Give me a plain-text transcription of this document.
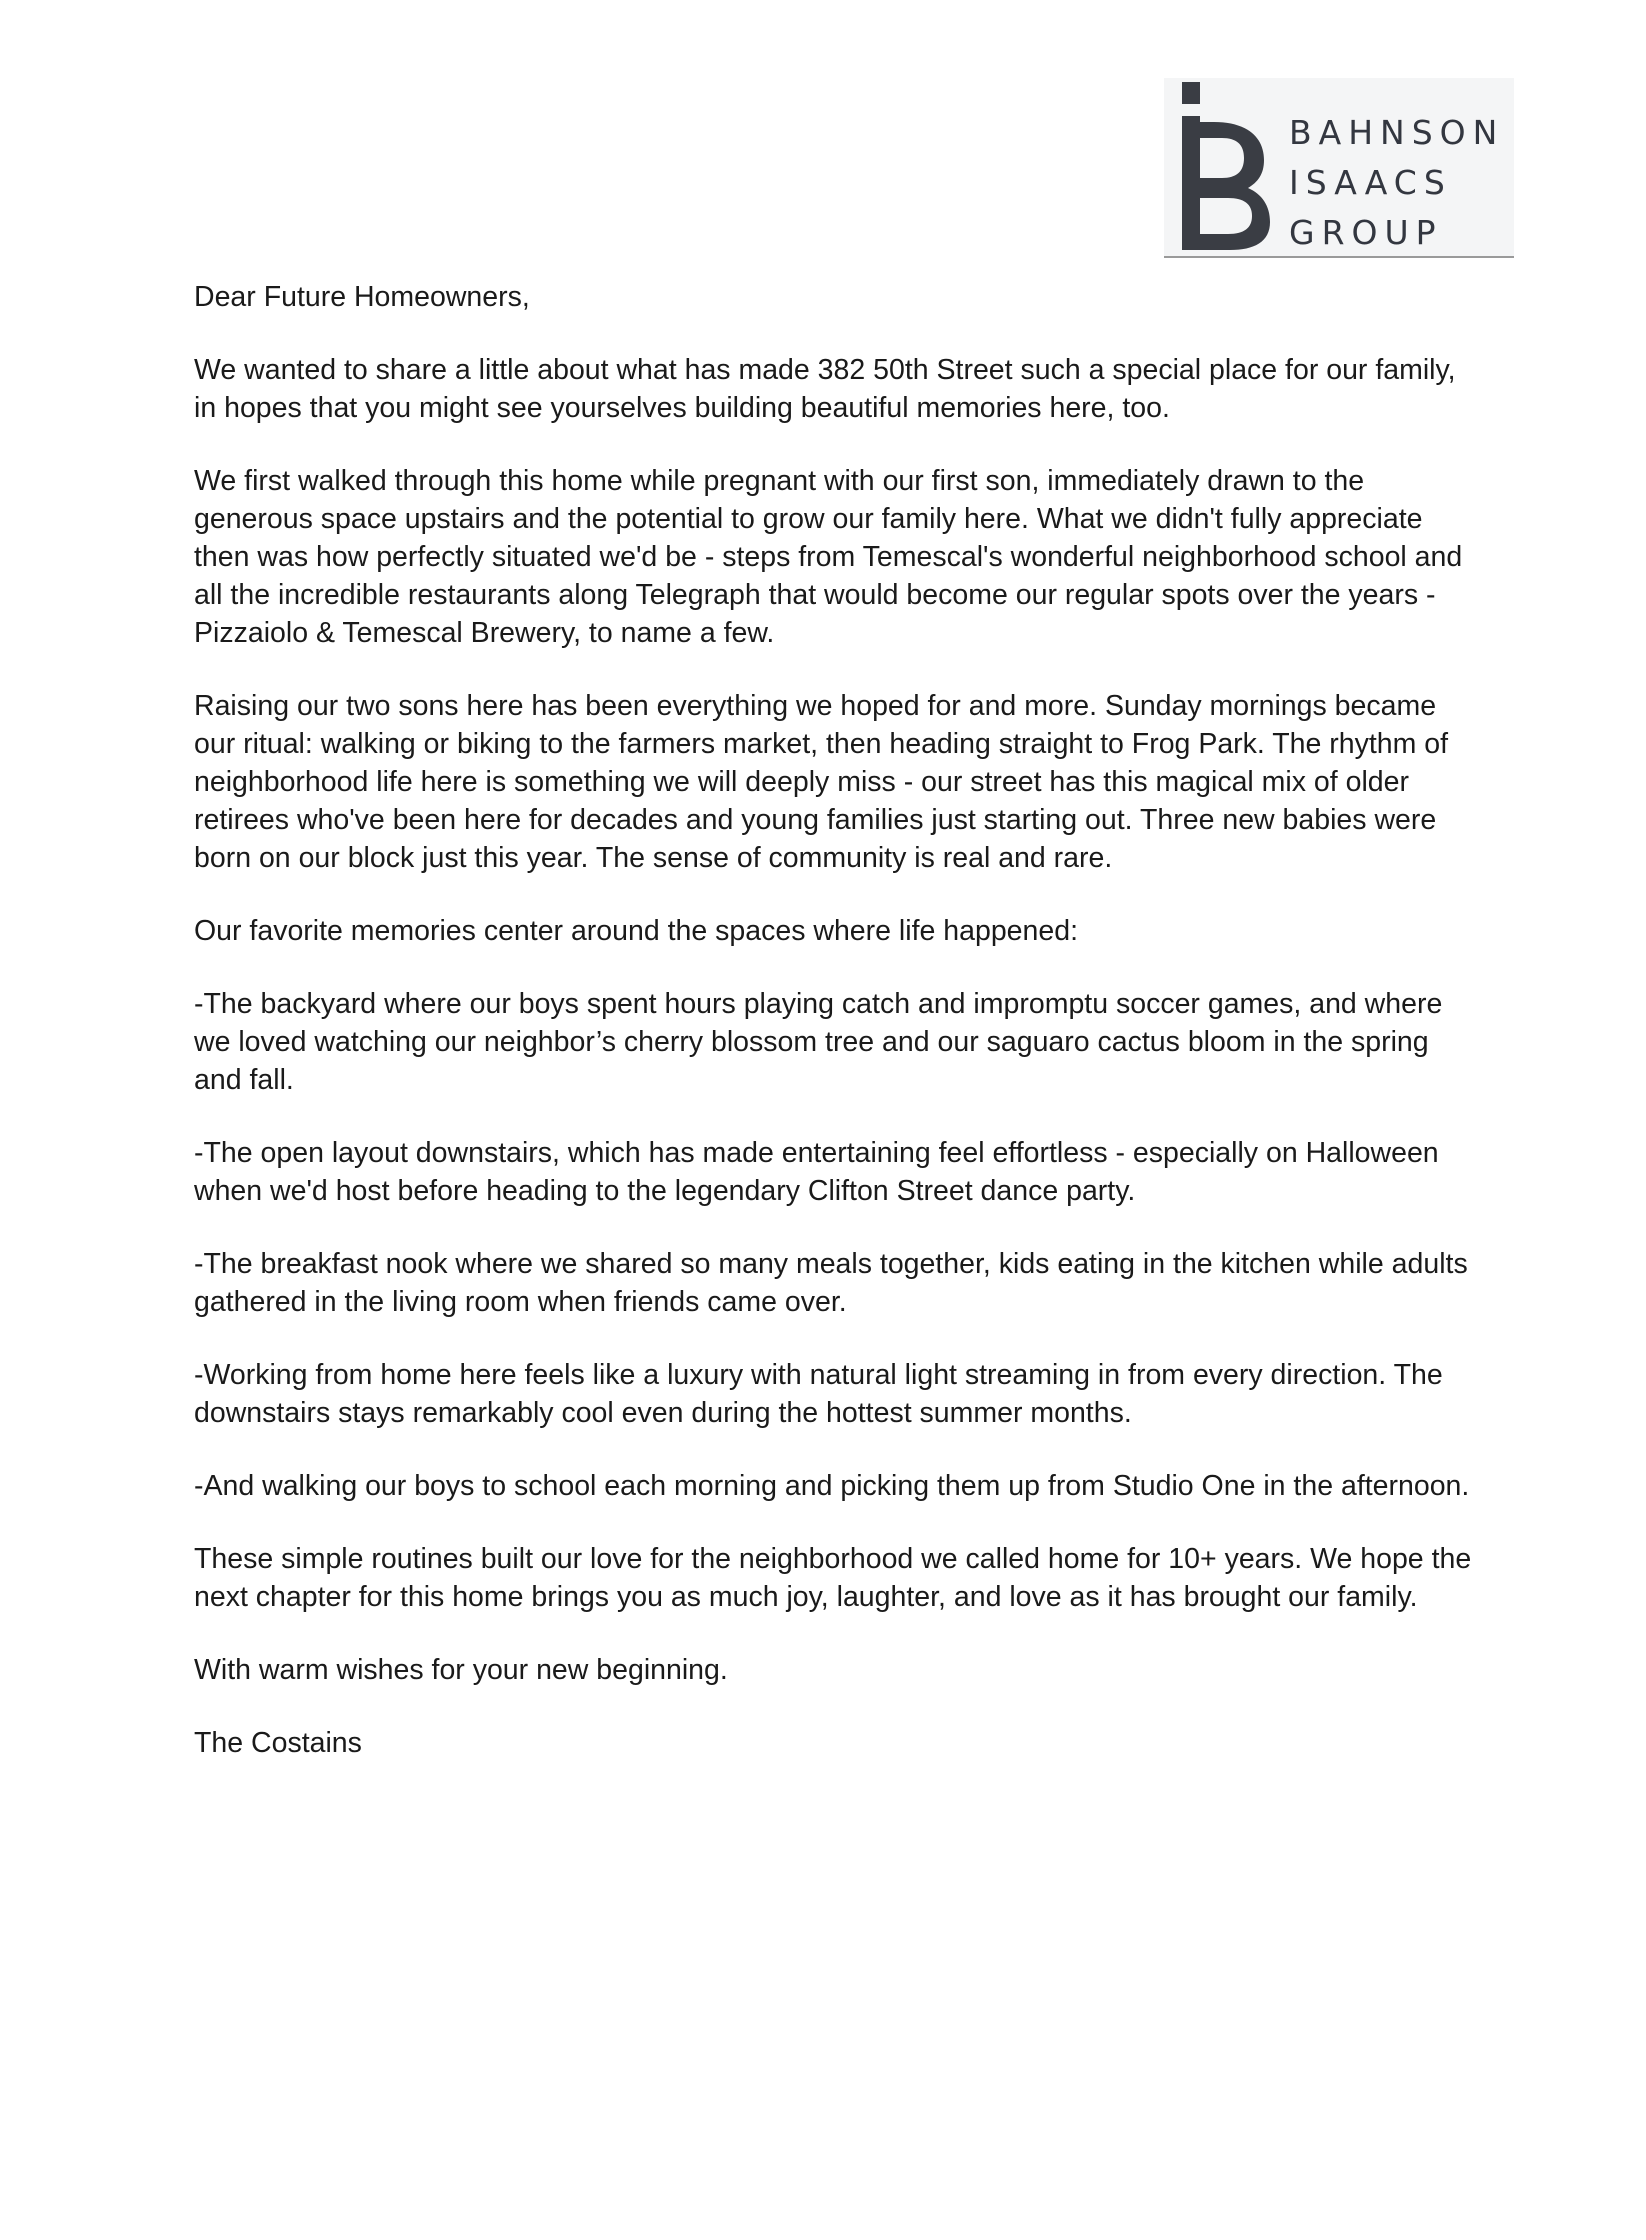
BAHNSON
ISAACS
GROUP

Dear Future Homeowners,

We wanted to share a little about what has made 382 50th Street such a special place for our family, in hopes that you might see yourselves building beautiful memories here, too.

We first walked through this home while pregnant with our first son, immediately drawn to the generous space upstairs and the potential to grow our family here. What we didn't fully appreciate then was how perfectly situated we'd be - steps from Temescal's wonderful neighborhood school and all the incredible restaurants along Telegraph that would become our regular spots over the years - Pizzaiolo & Temescal Brewery, to name a few.

Raising our two sons here has been everything we hoped for and more. Sunday mornings became our ritual: walking or biking to the farmers market, then heading straight to Frog Park. The rhythm of neighborhood life here is something we will deeply miss - our street has this magical mix of older retirees who've been here for decades and young families just starting out. Three new babies were born on our block just this year. The sense of community is real and rare.

Our favorite memories center around the spaces where life happened:

-The backyard where our boys spent hours playing catch and impromptu soccer games, and where we loved watching our neighbor’s cherry blossom tree and our saguaro cactus bloom in the spring and fall.

-The open layout downstairs, which has made entertaining feel effortless - especially on Halloween when we'd host before heading to the legendary Clifton Street dance party.

-The breakfast nook where we shared so many meals together, kids eating in the kitchen while adults gathered in the living room when friends came over.

-Working from home here feels like a luxury with natural light streaming in from every direction. The downstairs stays remarkably cool even during the hottest summer months.

-And walking our boys to school each morning and picking them up from Studio One in the afternoon.

These simple routines built our love for the neighborhood we called home for 10+ years. We hope the next chapter for this home brings you as much joy, laughter, and love as it has brought our family.

With warm wishes for your new beginning.

The Costains
